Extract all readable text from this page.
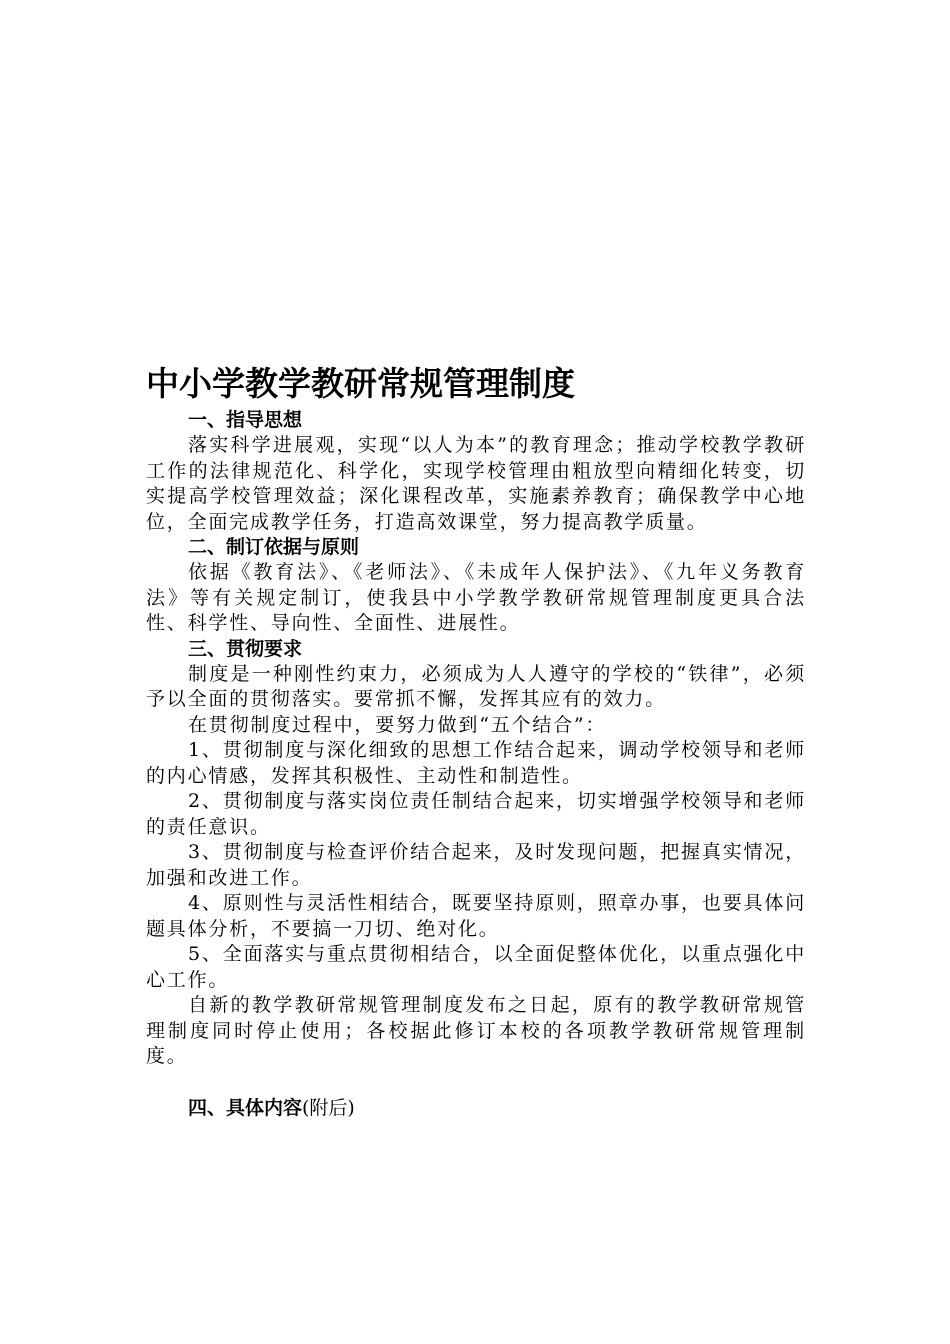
中小学教学教研常规管理制度
一、指导思想

落实科学进展观，实现“以人为本”的教育理念；推动学校教学教研工作的法律规范化、科学化，实现学校管理由粗放型向精细化转变，切实提高学校管理效益；深化课程改革，实施素养教育；确保教学中心地位，全面完成教学任务，打造高效课堂，努力提高教学质量。

二、制订依据与原则

依据《教育法》、《老师法》、《未成年人保护法》、《九年义务教育法》等有关规定制订，使我县中小学教学教研常规管理制度更具合法性、科学性、导向性、全面性、进展性。

三、贯彻要求

制度是一种刚性约束力，必须成为人人遵守的学校的“铁律”，必须予以全面的贯彻落实。要常抓不懈，发挥其应有的效力。

在贯彻制度过程中，要努力做到“五个结合”：

1、贯彻制度与深化细致的思想工作结合起来，调动学校领导和老师的内心情感，发挥其积极性、主动性和制造性。

2、贯彻制度与落实岗位责任制结合起来，切实增强学校领导和老师的责任意识。

3、贯彻制度与检查评价结合起来，及时发现问题，把握真实情况，加强和改进工作。

4、原则性与灵活性相结合，既要坚持原则，照章办事，也要具体问题具体分析，不要搞一刀切、绝对化。

5、全面落实与重点贯彻相结合，以全面促整体优化，以重点强化中心工作。

自新的教学教研常规管理制度发布之日起，原有的教学教研常规管理制度同时停止使用；各校据此修订本校的各项教学教研常规管理制度。

四、具体内容(附后)
